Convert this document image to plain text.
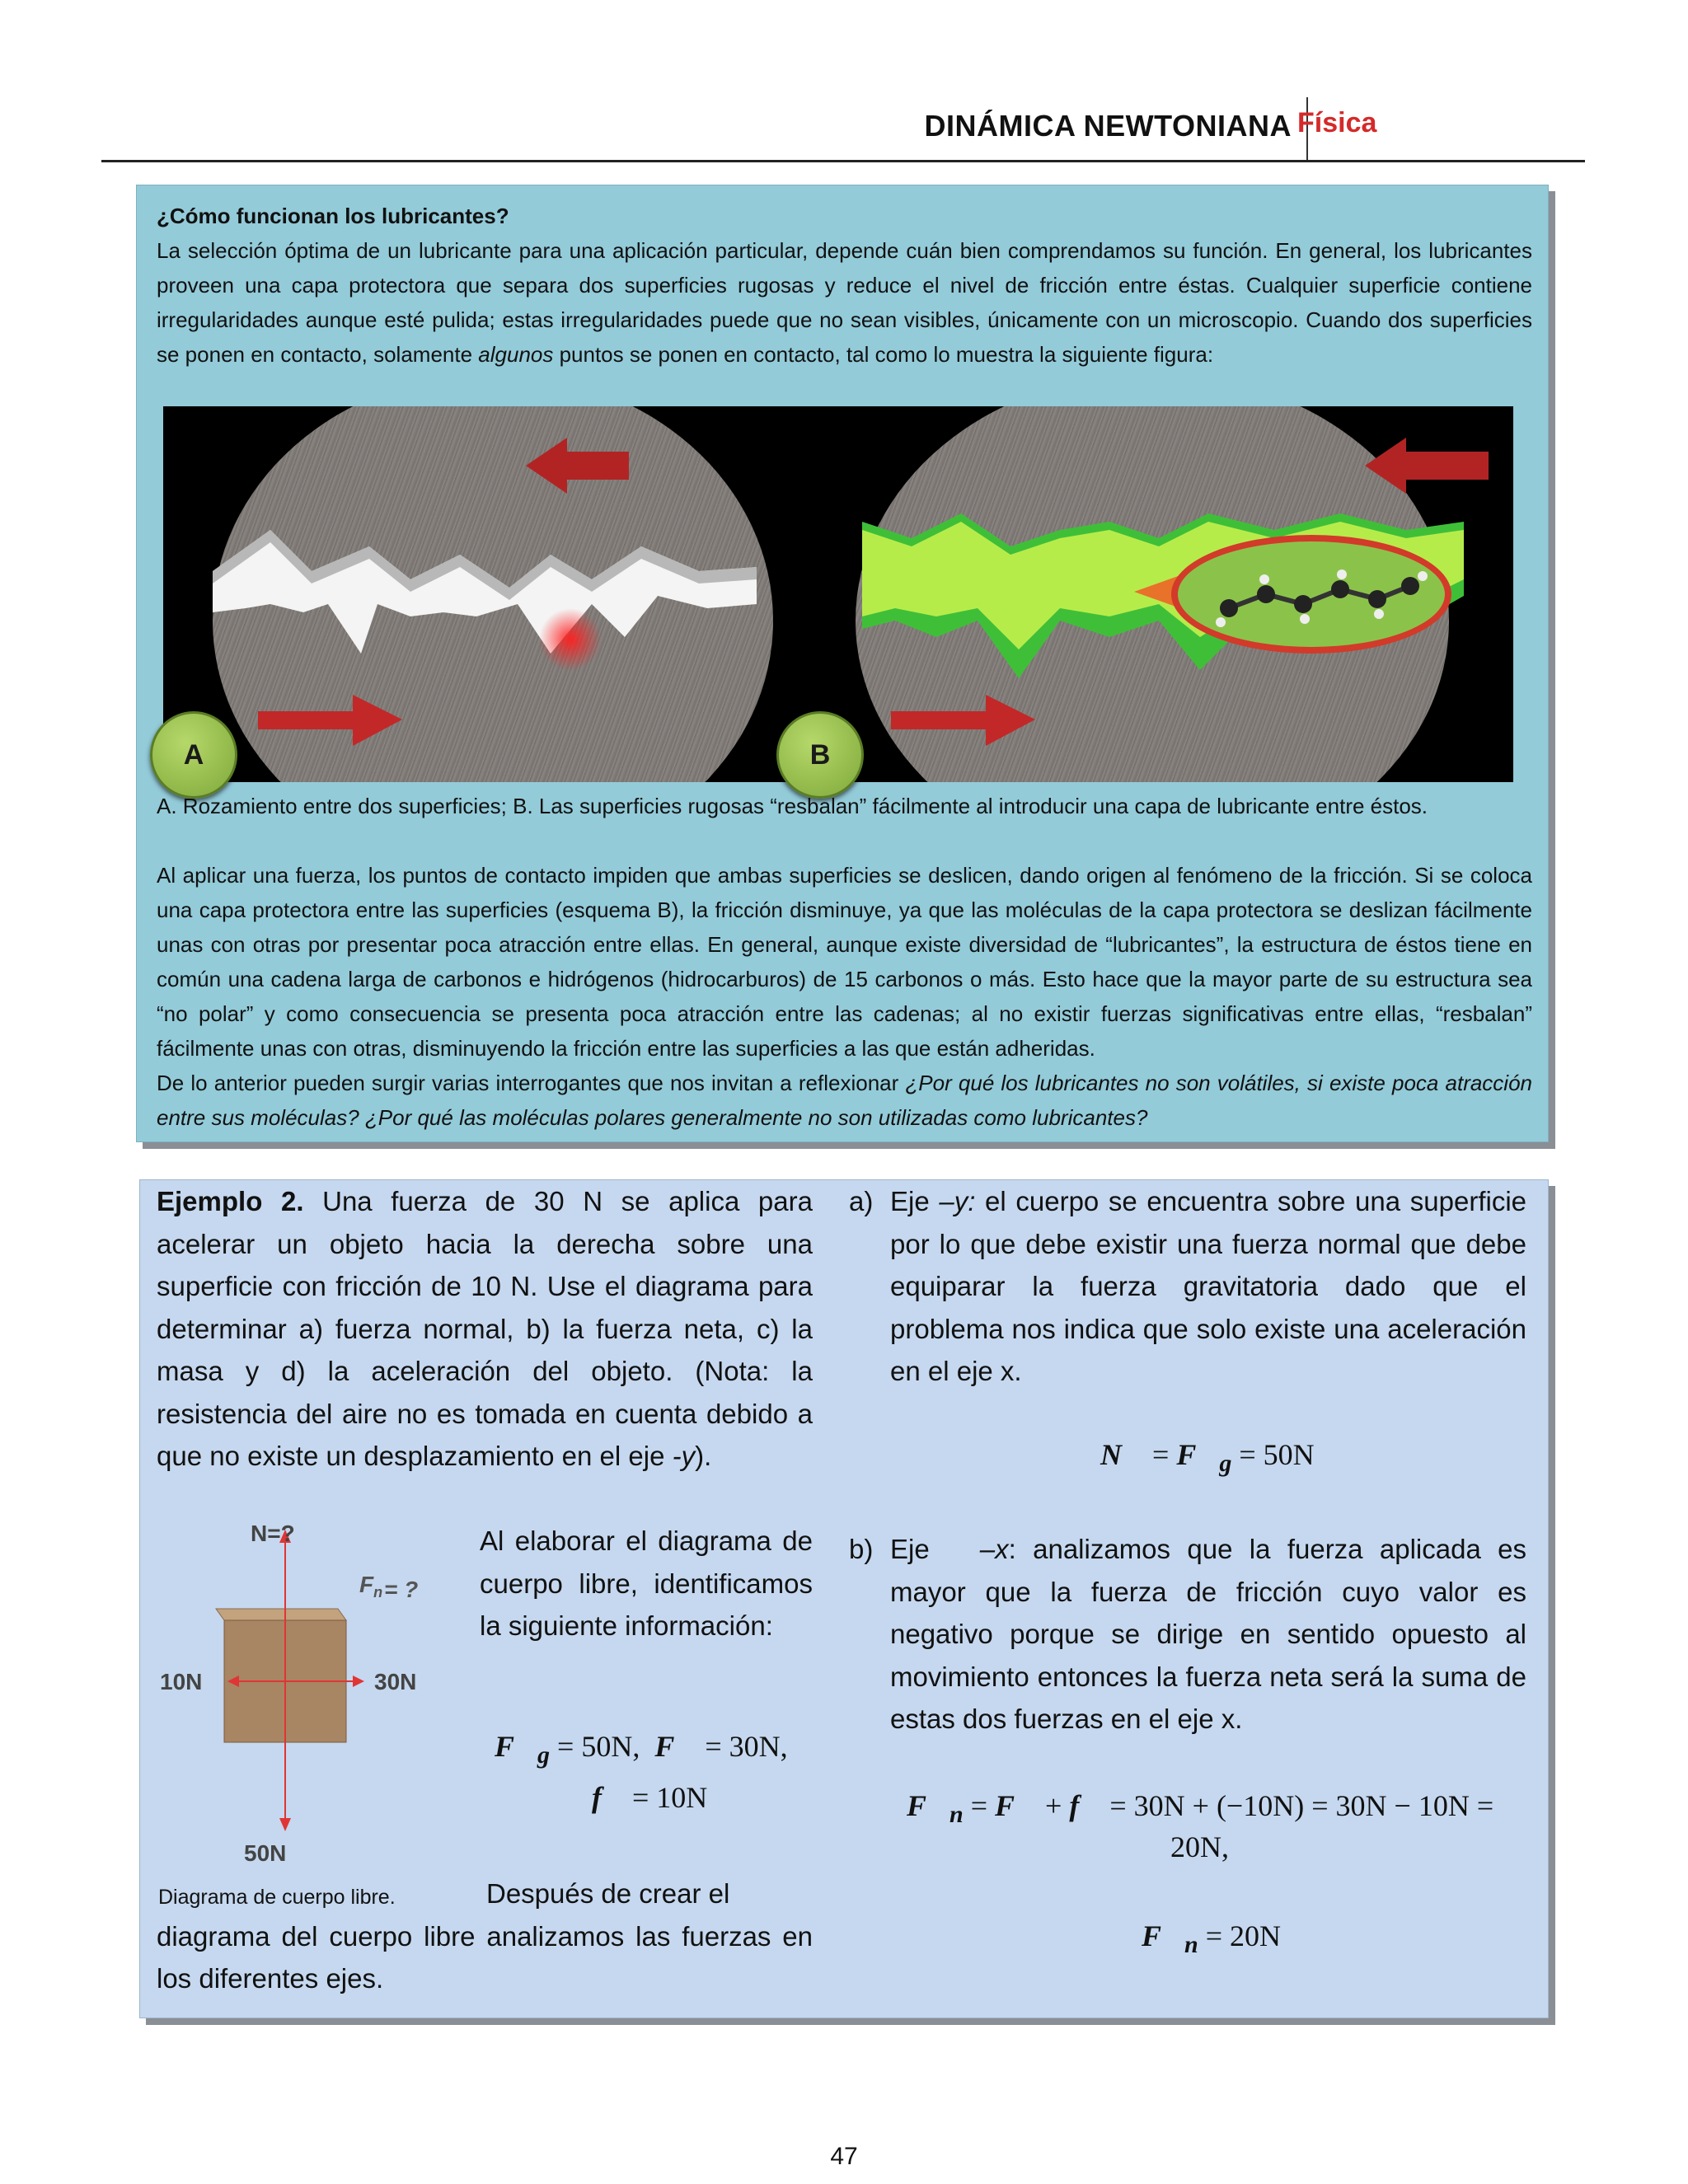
DINÁMICA NEWTONIANA Física
¿Cómo funcionan los lubricantes?
La selección óptima de un lubricante para una aplicación particular, depende cuán bien comprendamos su función. En general, los lubricantes proveen una capa protectora que separa dos superficies rugosas y reduce el nivel de fricción entre éstas. Cualquier superficie contiene irregularidades aunque esté pulida; estas irregularidades puede que no sean visibles, únicamente con un microscopio. Cuando dos superficies se ponen en contacto, solamente algunos puntos se ponen en contacto, tal como lo muestra la siguiente figura:
A	B
A. Rozamiento entre dos superficies; B. Las superficies rugosas “resbalan” fácilmente al introducir una capa de lubricante entre éstos.
Al aplicar una fuerza, los puntos de contacto impiden que ambas superficies se deslicen, dando origen al fenómeno de la fricción. Si se coloca una capa protectora entre las superficies (esquema B), la fricción disminuye, ya que las moléculas de la capa protectora se deslizan fácilmente unas con otras por presentar poca atracción entre ellas. En general, aunque existe diversidad de “lubricantes”, la estructura de éstos tiene en común una cadena larga de carbonos e hidrógenos (hidrocarburos) de 15 carbonos o más. Esto hace que la mayor parte de su estructura sea “no polar” y como consecuencia se presenta poca atracción entre las cadenas; al no existir fuerzas significativas entre ellas, “resbalan” fácilmente unas con otras, disminuyendo la fricción entre las superficies a las que están adheridas.
De lo anterior pueden surgir varias interrogantes que nos invitan a reflexionar ¿Por qué los lubricantes no son volátiles, si existe poca atracción entre sus moléculas? ¿Por qué las moléculas polares generalmente no son utilizadas como lubricantes?
Ejemplo 2. Una fuerza de 30 N se aplica para acelerar un objeto hacia la derecha sobre una superficie con fricción de 10 N. Use el diagrama para determinar a) fuerza normal, b) la fuerza neta, c) la masa y d) la aceleración del objeto. (Nota: la resistencia del aire no es tomada en cuenta debido a que no existe un desplazamiento en el eje -y).
N=?
$F_n$ = ?
10N	30N
50N
Al elaborar el diagrama de cuerpo libre, identificamos la siguiente información:
$F⃗_g = 50N$, F⃗ = 30N,
f⃗ = 10N
Diagrama de cuerpo libre.	Después de crear el
diagrama del cuerpo libre analizamos las fuerzas en los diferentes ejes.
a) Eje –y: el cuerpo se encuentra sobre una superficie por lo que debe existir una fuerza normal que debe equiparar la fuerza gravitatoria dado que el problema nos indica que solo existe una aceleración en el eje x.
N⃗ = $F⃗_g = 50N$
b) Eje –x: analizamos que la fuerza aplicada es mayor que la fuerza de fricción cuyo valor es negativo porque se dirige en sentido opuesto al movimiento entonces la fuerza neta será la suma de estas dos fuerzas en el eje x.
$F⃗_n$ = F⃗ + f⃗ = 30N + (−10N) = 30N − 10N =
20N,
$F⃗_n = 20N$
47
